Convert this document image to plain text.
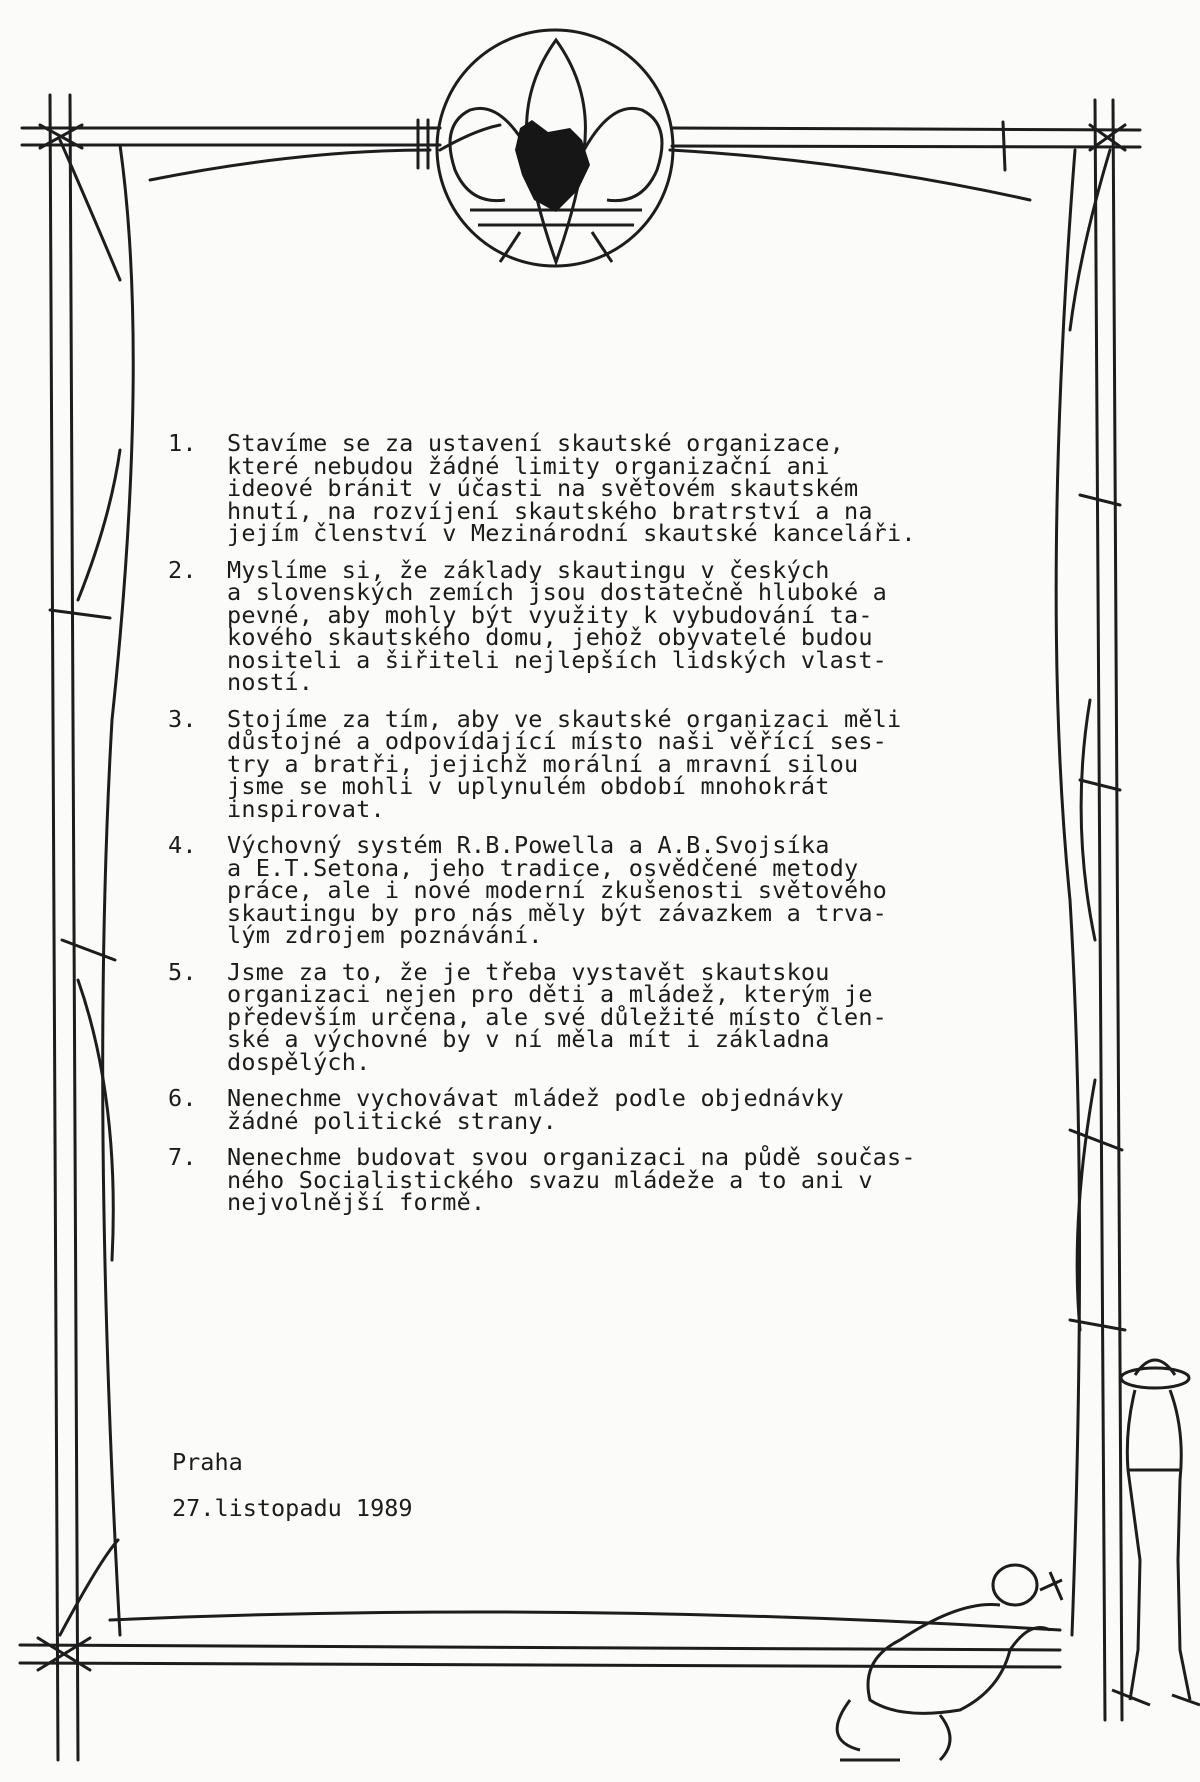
1.	Stavíme se za ustavení skautské organizace,
které nebudou žádné limity organizační ani
ideové bránit v účasti na světovém skautském
hnutí, na rozvíjení skautského bratrství a na
jejím členství v Mezinárodní skautské kanceláři.
2.	Myslíme si, že základy skautingu v českých
a slovenských zemích jsou dostatečně hluboké a
pevné, aby mohly být využity k vybudování ta-
kového skautského domu, jehož obyvatelé budou
nositeli a šiřiteli nejlepších lidských vlast-
ností.
3.	Stojíme za tím, aby ve skautské organizaci měli
důstojné a odpovídající místo naši věřící ses-
try a bratři, jejichž morální a mravní silou
jsme se mohli v uplynulém období mnohokrát
inspirovat.
4.	Výchovný systém R.B.Powella a A.B.Svojsíka
a E.T.Setona, jeho tradice, osvědčené metody
práce, ale i nové moderní zkušenosti světového
skautingu by pro nás měly být závazkem a trva-
lým zdrojem poznávání.
5.	Jsme za to, že je třeba vystavět skautskou
organizaci nejen pro děti a mládež, kterým je
především určena, ale své důležité místo člen-
ské a výchovné by v ní měla mít i základna
dospělých.
6.	Nenechme vychovávat mládež podle objednávky
žádné politické strany.
7.	Nenechme budovat svou organizaci na půdě součas-
ného Socialistického svazu mládeže a to ani v
nejvolnější formě.

Praha

27.listopadu 1989
